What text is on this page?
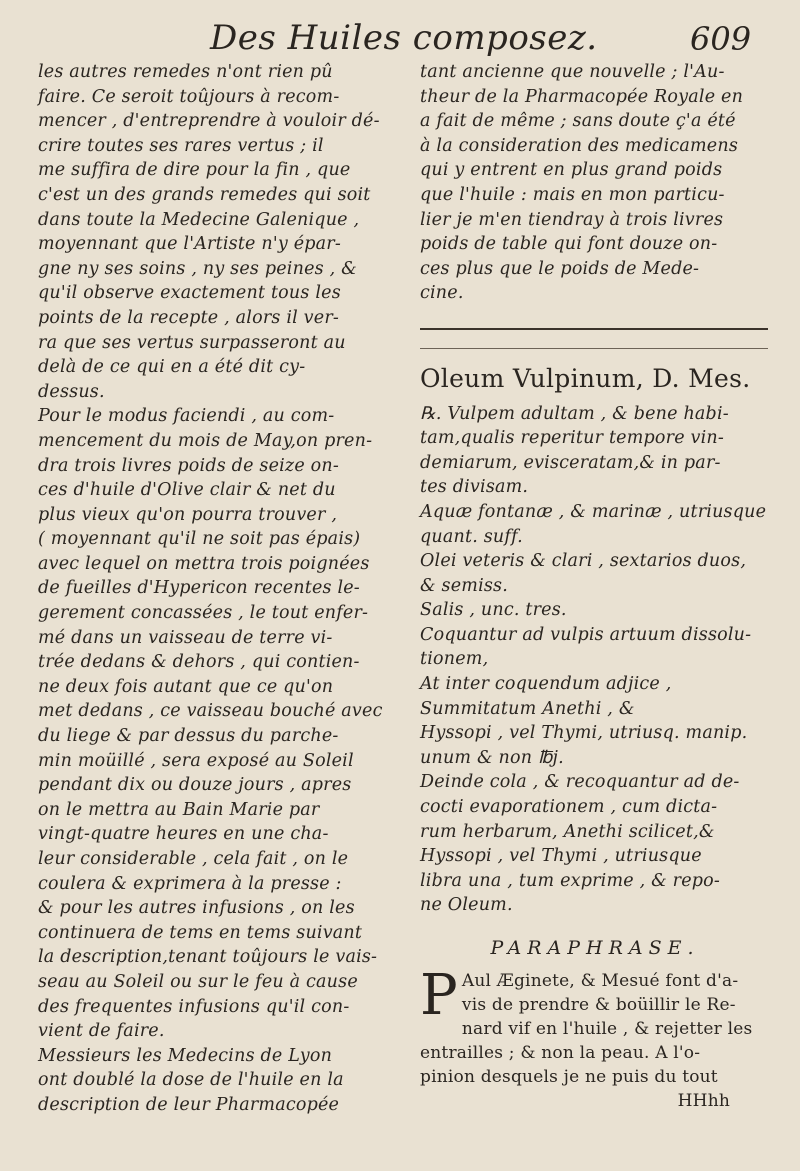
Des Huiles composez.	609

les autres remedes n'ont rien pû

faire. Ce seroit toûjours à recom-

mencer , d'entreprendre à vouloir dé-

crire toutes ses rares vertus ; il

me suffira de dire pour la fin , que

c'est un des grands remedes qui soit

dans toute la Medecine Galenique ,

moyennant que l'Artiste n'y épar-

gne ny ses soins , ny ses peines , &

qu'il observe exactement tous les

points de la recepte , alors il ver-

ra que ses vertus surpasseront au

delà de ce qui en a été dit cy-

dessus.

Pour le modus faciendi , au com-

mencement du mois de May,on pren-

dra trois livres poids de seize on-

ces d'huile d'Olive clair & net du

plus vieux qu'on pourra trouver ,

( moyennant qu'il ne soit pas épais)

avec lequel on mettra trois poignées

de fueilles d'Hypericon recentes le-

gerement concassées , le tout enfer-

mé dans un vaisseau de terre vi-

trée dedans & dehors , qui contien-

ne deux fois autant que ce qu'on

met dedans , ce vaisseau bouché avec

du liege & par dessus du parche-

min moüillé , sera exposé au Soleil

pendant dix ou douze jours , apres

on le mettra au Bain Marie par

vingt-quatre heures en une cha-

leur considerable , cela fait , on le

coulera & exprimera à la presse :

& pour les autres infusions , on les

continuera de tems en tems suivant

la description,tenant toûjours le vais-

seau au Soleil ou sur le feu à cause

des frequentes infusions qu'il con-

vient de faire.

Messieurs les Medecins de Lyon

ont doublé la dose de l'huile en la

description de leur Pharmacopée

tant ancienne que nouvelle ; l'Au-

theur de la Pharmacopée Royale en

a fait de même ; sans doute ç'a été

à la consideration des medicamens

qui y entrent en plus grand poids

que l'huile : mais en mon particu-

lier je m'en tiendray à trois livres

poids de table qui font douze on-

ces plus que le poids de Mede-

cine.

Oleum Vulpinum, D. Mes.

℞. Vulpem adultam , & bene habi-

tam,qualis reperitur tempore vin-

demiarum, evisceratam,& in par-

tes divisam.

Aquæ fontanæ , & marinæ , utriusque

quant. suff.

Olei veteris & clari , sextarios duos,

& semiss.

Salis , unc. tres.

Coquantur ad vulpis artuum dissolu-

tionem,

At inter coquendum adjice ,

Summitatum Anethi , &

Hyssopi , vel Thymi, utriusq. manip.

unum & non ℔j.

Deinde cola , & recoquantur ad de-

cocti evaporationem , cum dicta-

rum herbarum, Anethi scilicet,&

Hyssopi , vel Thymi , utriusque

libra una , tum exprime , & repo-

ne Oleum.

PARAPHRASE.
P Aul Æginete, & Mesué font d'a-

vis de prendre & boüillir le Re-

nard vif en l'huile , & rejetter les

entrailles ; & non la peau. A l'o-

pinion desquels je ne puis du tout

HHhh
